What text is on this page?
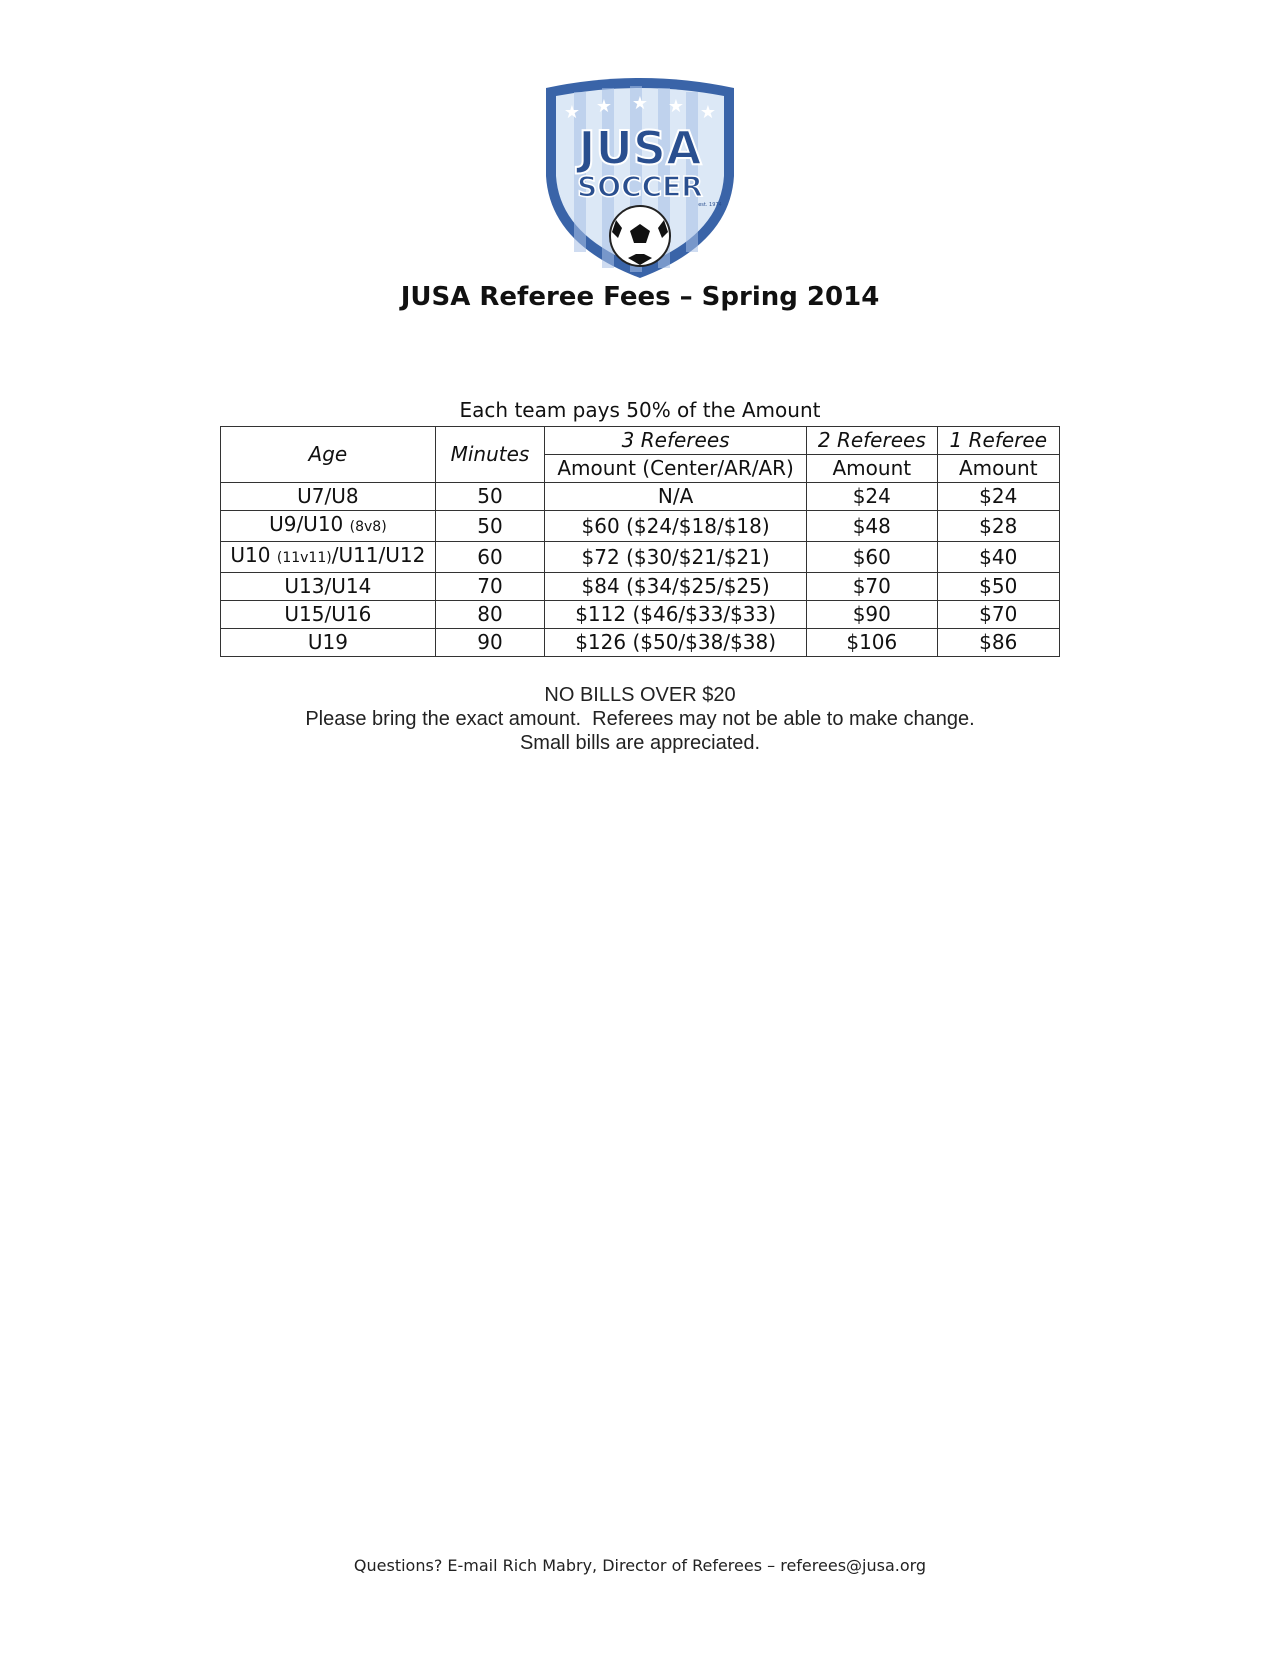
★ ★ ★ ★ ★
JUSA
SOCCER
est. 1974
JUSA Referee Fees – Spring 2014
Each team pays 50% of the Amount
Age	Minutes	3 Referees	2 Referees	1 Referee
		Amount (Center/AR/AR)	Amount	Amount
U7/U8	50	N/A	$24	$24
U9/U10 (8v8)	50	$60 ($24/$18/$18)	$48	$28
U10 (11v11)/U11/U12	60	$72 ($30/$21/$21)	$60	$40
U13/U14	70	$84 ($34/$25/$25)	$70	$50
U15/U16	80	$112 ($46/$33/$33)	$90	$70
U19	90	$126 ($50/$38/$38)	$106	$86
NO BILLS OVER $20
Please bring the exact amount.  Referees may not be able to make change.
Small bills are appreciated.
Questions? E-mail Rich Mabry, Director of Referees – referees@jusa.org
